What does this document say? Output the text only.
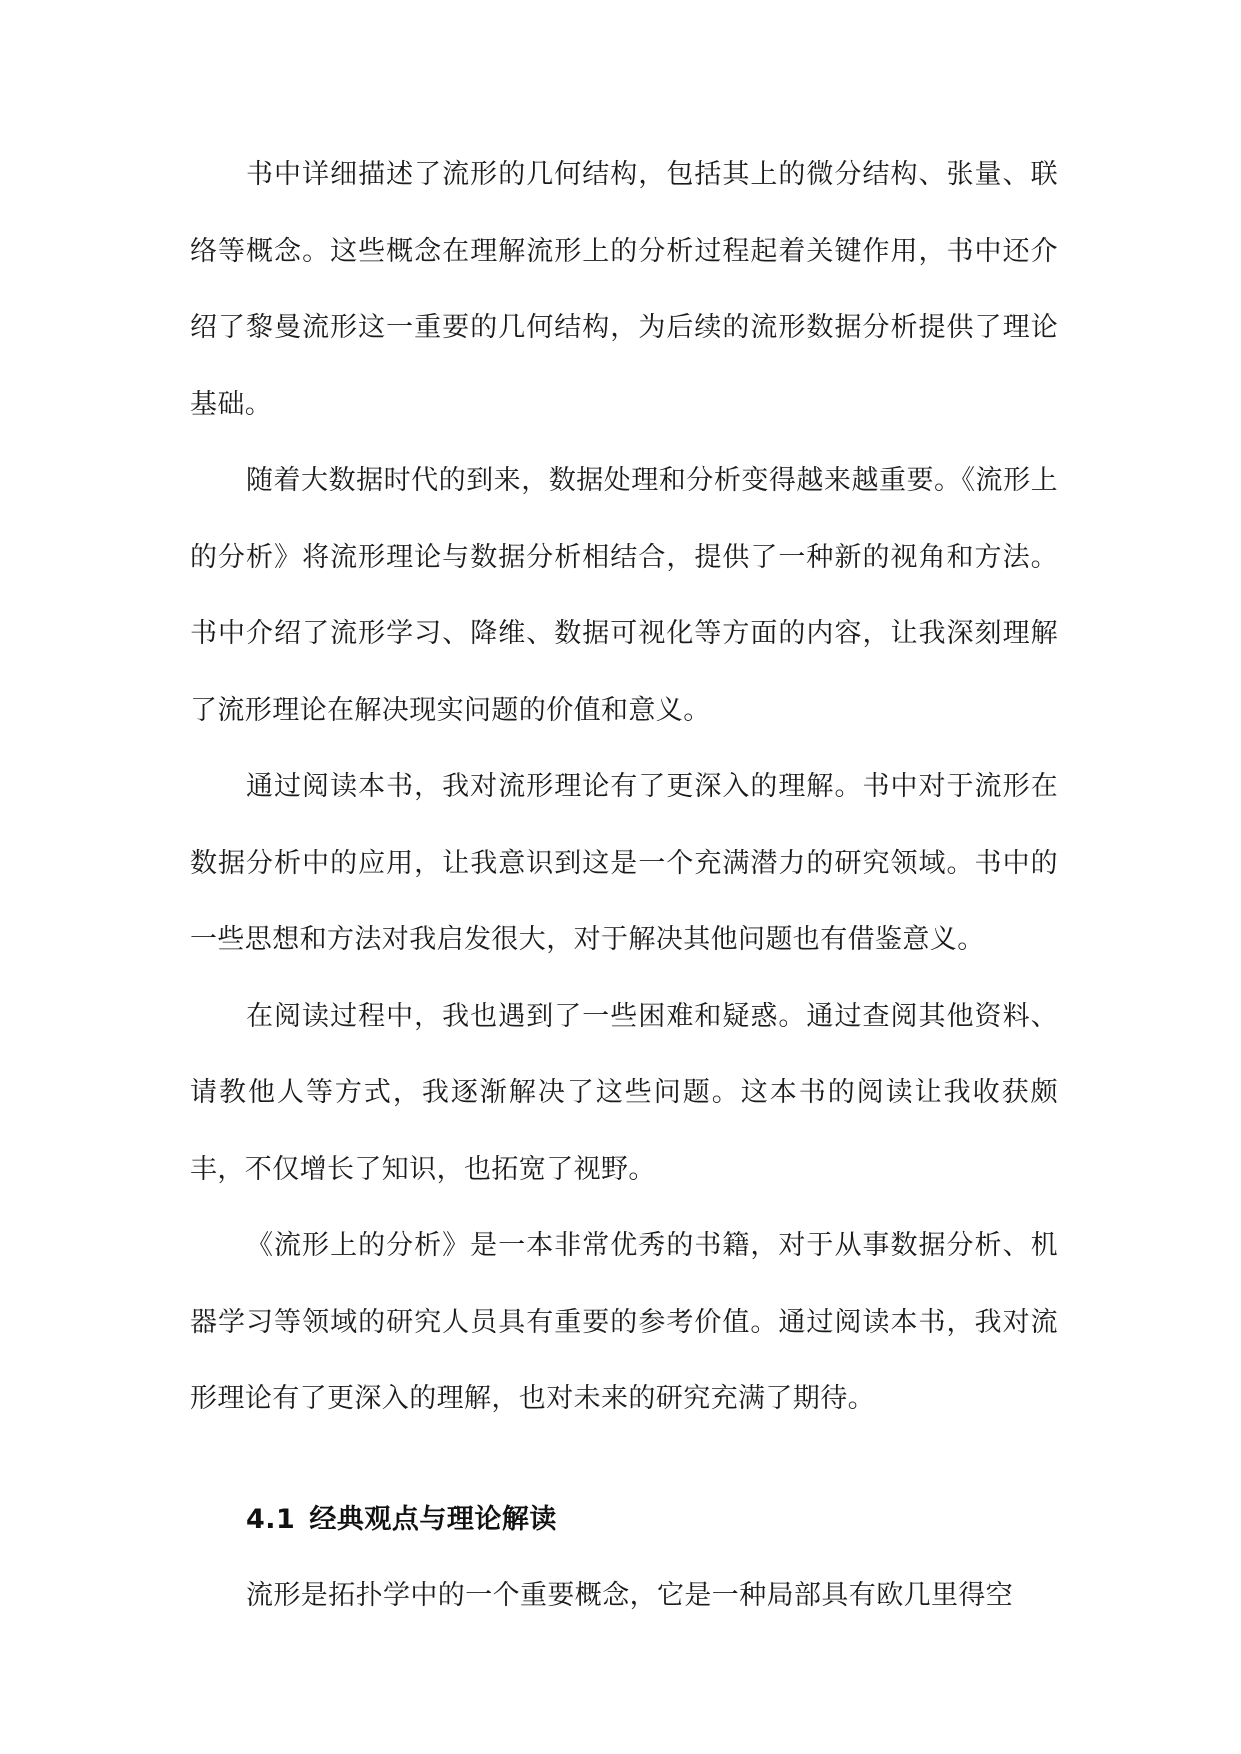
书中详细描述了流形的几何结构，包括其上的微分结构、张量、联络等概念。这些概念在理解流形上的分析过程起着关键作用，书中还介绍了黎曼流形这一重要的几何结构，为后续的流形数据分析提供了理论基础。

随着大数据时代的到来，数据处理和分析变得越来越重要。《流形上的分析》将流形理论与数据分析相结合，提供了一种新的视角和方法。书中介绍了流形学习、降维、数据可视化等方面的内容，让我深刻理解了流形理论在解决现实问题的价值和意义。

通过阅读本书，我对流形理论有了更深入的理解。书中对于流形在数据分析中的应用，让我意识到这是一个充满潜力的研究领域。书中的一些思想和方法对我启发很大，对于解决其他问题也有借鉴意义。

在阅读过程中，我也遇到了一些困难和疑惑。通过查阅其他资料、请教他人等方式，我逐渐解决了这些问题。这本书的阅读让我收获颇丰，不仅增长了知识，也拓宽了视野。

《流形上的分析》是一本非常优秀的书籍，对于从事数据分析、机器学习等领域的研究人员具有重要的参考价值。通过阅读本书，我对流形理论有了更深入的理解，也对未来的研究充满了期待。

4.1 经典观点与理论解读

流形是拓扑学中的一个重要概念，它是一种局部具有欧几里得空
